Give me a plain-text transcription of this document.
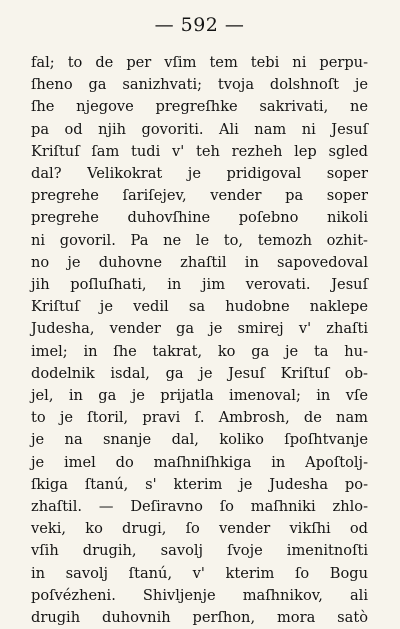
— 592 —
fal; to de per vſim tem tebi ni perpu-
ſheno ga sanizhvati; tvoja dolshnoſt je
ſhe njegove pregreſhke sakrivati, ne
pa od njih govoriti. Ali nam ni Jesuſ
Kriſtuſ ſam tudi v' teh rezheh lep sgled
dal? Velikokrat je pridigoval soper
pregrehe ſariſejev, vender pa soper
pregrehe duhovſhine poſebno nikoli
ni govoril. Pa ne le to, temozh ozhit-
no je duhovne zhaſtil in sapovedoval
jih poſluſhati, in jim verovati. Jesuſ
Kriſtuſ je vedil sa hudobne naklepe
Judesha, vender ga je smirej v' zhaſti
imel; in ſhe takrat, ko ga je ta hu-
dodelnik isdal, ga je Jesuſ Kriſtuſ ob-
jel, in ga je prijatla imenoval; in vſe
to je ſtoril, pravi ſ. Ambrosh, de nam
je na snanje dal, koliko ſpoſhtvanje
je imel do maſhniſhkiga in Apoſtolj-
ſkiga ſtanú, s' kterim je Judesha po-
zhaſtil. — Deſiravno ſo maſhniki zhlo-
veki, ko drugi, ſo vender vikſhi od
vſih drugih, savolj ſvoje imenitnoſti
in savolj ſtanú, v' kterim ſo Bogu
poſvézheni. Shivljenje maſhnikov, ali
drugih duhovnih perſhon, mora satò
